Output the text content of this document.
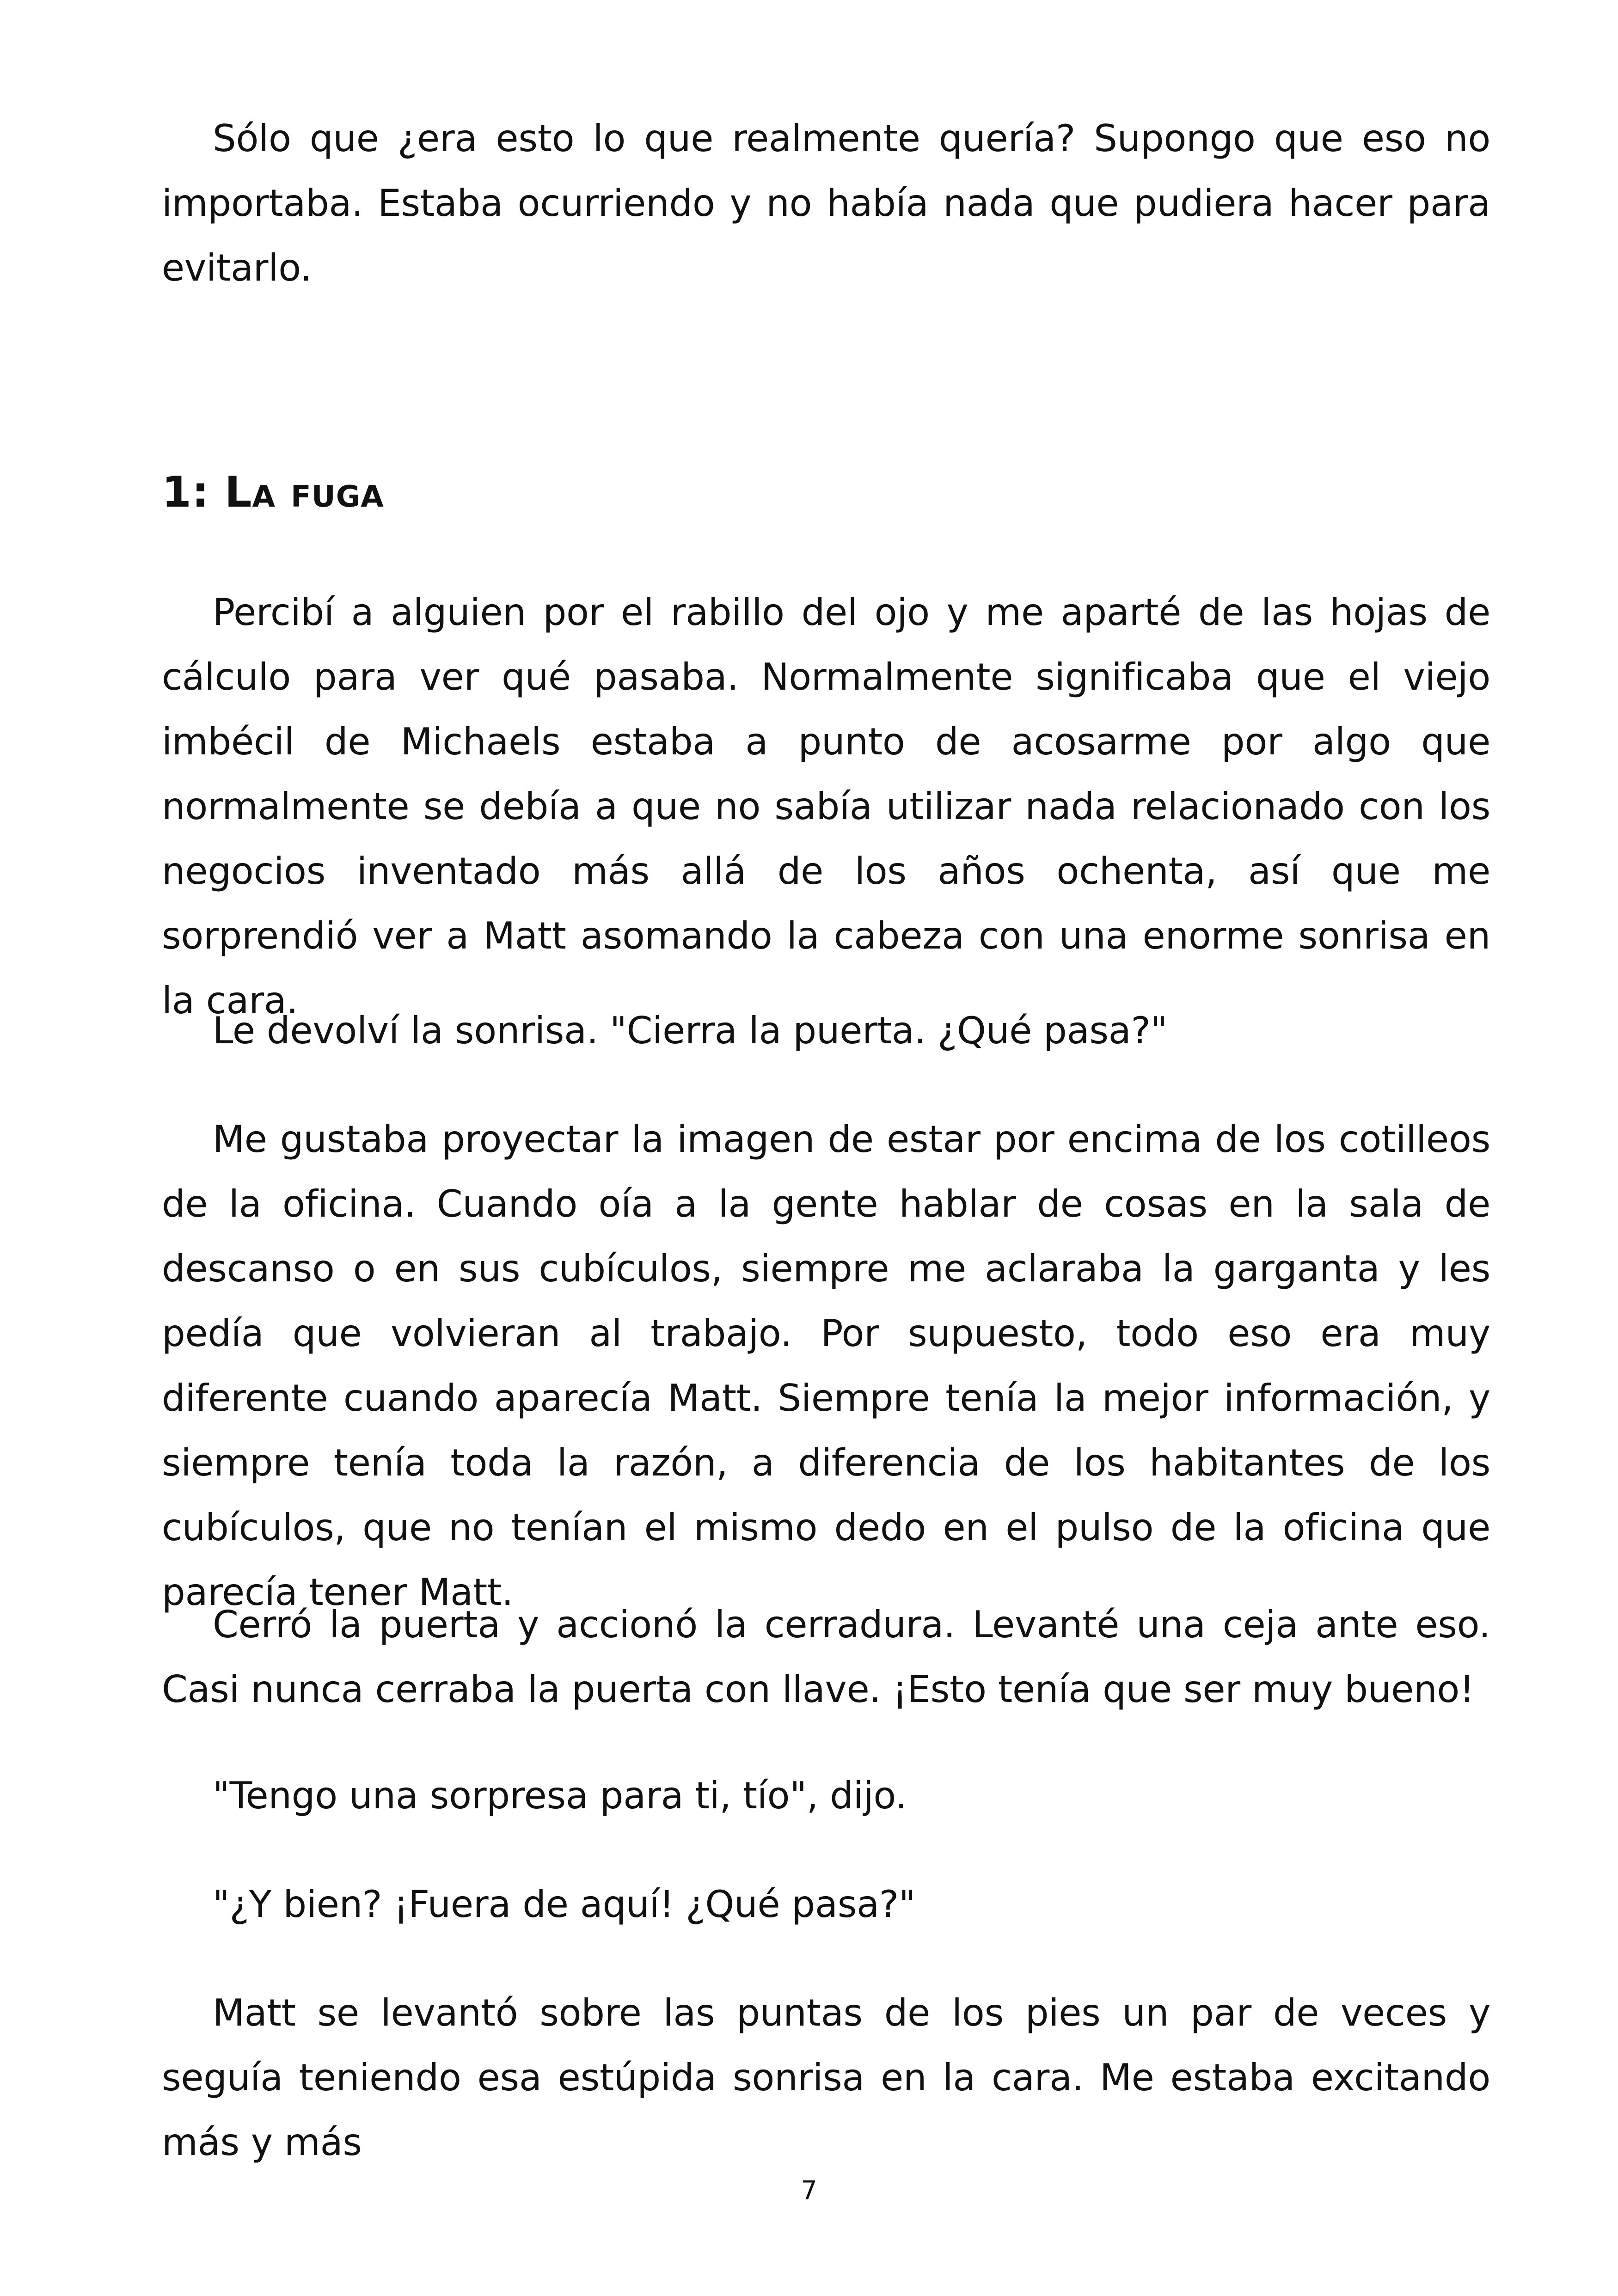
Sólo que ¿era esto lo que realmente quería? Supongo que eso no importaba. Estaba ocurriendo y no había nada que pudiera hacer para evitarlo.

1: La fuga

Percibí a alguien por el rabillo del ojo y me aparté de las hojas de cálculo para ver qué pasaba. Normalmente significaba que el viejo imbécil de Michaels estaba a punto de acosarme por algo que normalmente se debía a que no sabía utilizar nada relacionado con los negocios inventado más allá de los años ochenta, así que me sorprendió ver a Matt asomando la cabeza con una enorme sonrisa en la cara.

Le devolví la sonrisa. "Cierra la puerta. ¿Qué pasa?"

Me gustaba proyectar la imagen de estar por encima de los cotilleos de la oficina. Cuando oía a la gente hablar de cosas en la sala de descanso o en sus cubículos, siempre me aclaraba la garganta y les pedía que volvieran al trabajo. Por supuesto, todo eso era muy diferente cuando aparecía Matt. Siempre tenía la mejor información, y siempre tenía toda la razón, a diferencia de los habitantes de los cubículos, que no tenían el mismo dedo en el pulso de la oficina que parecía tener Matt.

Cerró la puerta y accionó la cerradura. Levanté una ceja ante eso. Casi nunca cerraba la puerta con llave. ¡Esto tenía que ser muy bueno!

"Tengo una sorpresa para ti, tío", dijo.

"¿Y bien? ¡Fuera de aquí! ¿Qué pasa?"

Matt se levantó sobre las puntas de los pies un par de veces y seguía teniendo esa estúpida sonrisa en la cara. Me estaba excitando más y más

7
